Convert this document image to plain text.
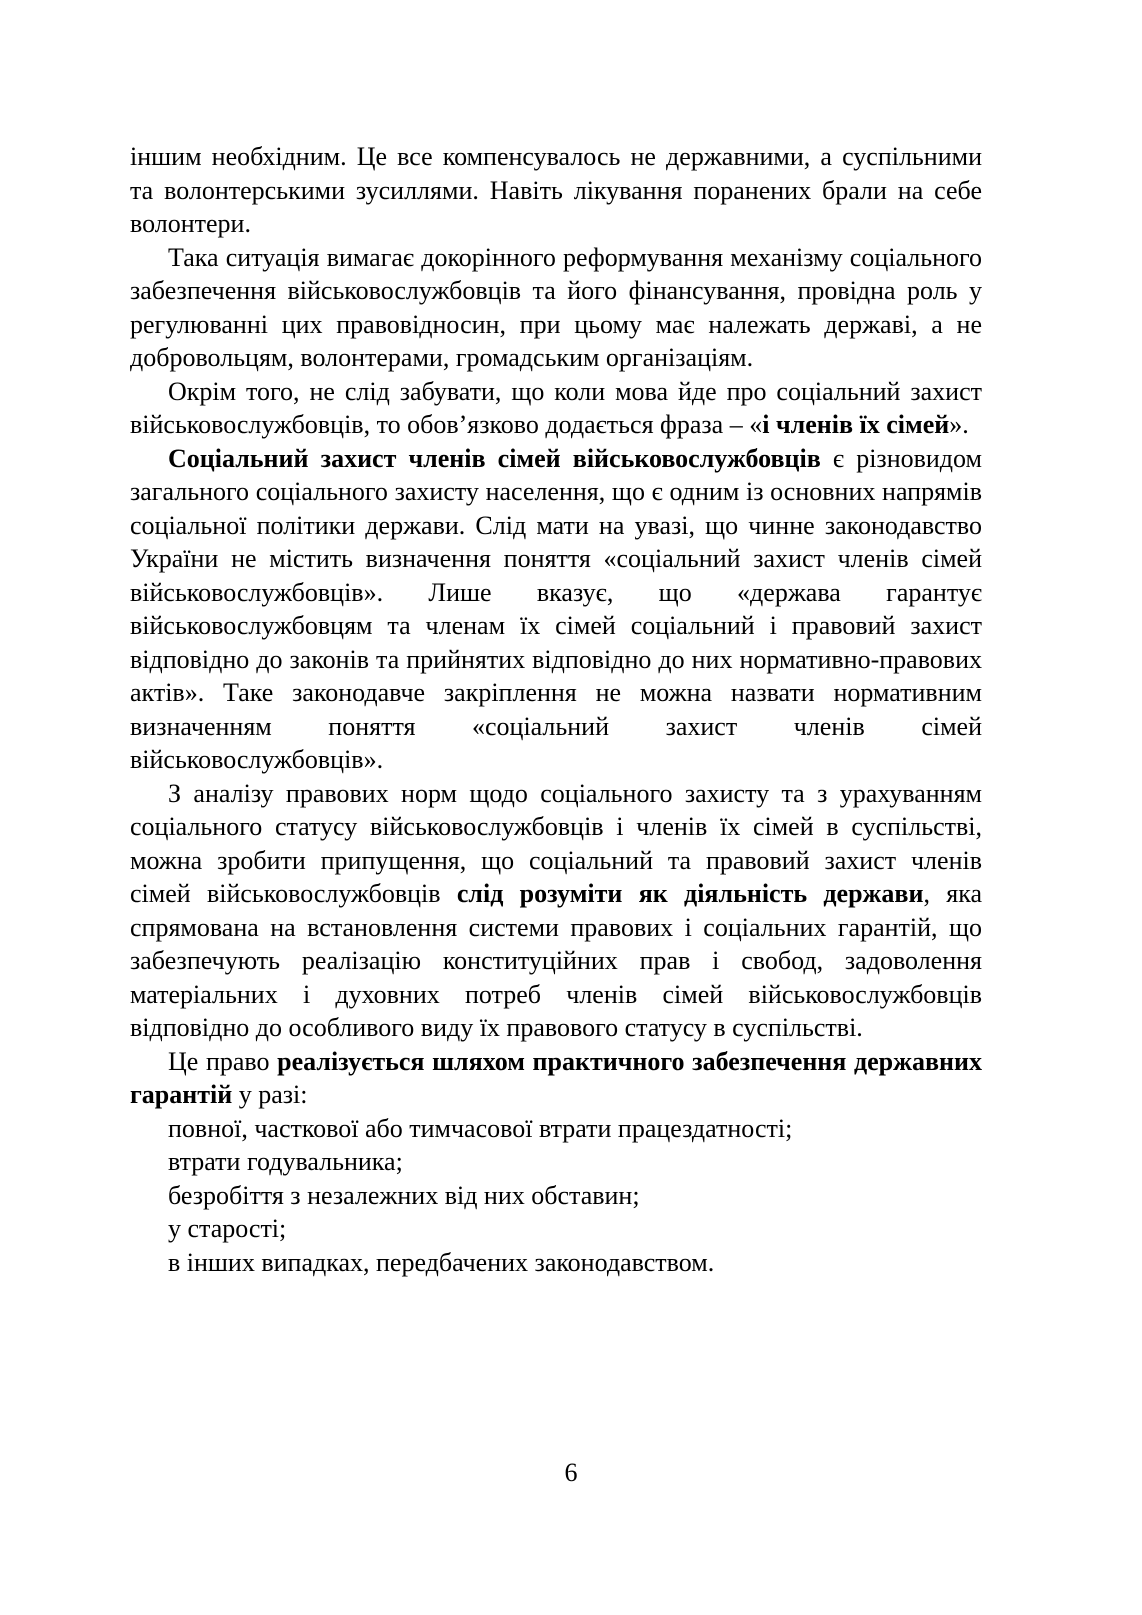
іншим необхідним. Це все компенсувалось не державними, а суспільними та волонтерськими зусиллями. Навіть лікування поранених брали на себе волонтери.

Така ситуація вимагає докорінного реформування механізму соціального забезпечення військовослужбовців та його фінансування, провідна роль у регулюванні цих правовідносин, при цьому має належать державі, а не добровольцям, волонтерами, громадським організаціям.

Окрім того, не слід забувати, що коли мова йде про соціальний захист військовослужбовців, то обов’язково додається фраза – «і членів їх сімей».

Соціальний захист членів сімей військовослужбовців є різновидом загального соціального захисту населення, що є одним із основних напрямів соціальної політики держави. Слід мати на увазі, що чинне законодавство України не містить визначення поняття «соціальний захист членів сімей військовослужбовців». Лише вказує, що «держава гарантує військовослужбовцям та членам їх сімей соціальний і правовий захист відповідно до законів та прийнятих відповідно до них нормативно-правових актів». Таке законодавче закріплення не можна назвати нормативним визначенням поняття «соціальний захист членів сімей військовослужбовців».

З аналізу правових норм щодо соціального захисту та з урахуванням соціального статусу військовослужбовців і членів їх сімей в суспільстві, можна зробити припущення, що соціальний та правовий захист членів сімей військовослужбовців слід розуміти як діяльність держави, яка спрямована на встановлення системи правових і соціальних гарантій, що забезпечують реалізацію конституційних прав і свобод, задоволення матеріальних і духовних потреб членів сімей військовослужбовців відповідно до особливого виду їх правового статусу в суспільстві.

Це право реалізується шляхом практичного забезпечення державних гарантій у разі:

повної, часткової або тимчасової втрати працездатності;

втрати годувальника;

безробіття з незалежних від них обставин;

у старості;

в інших випадках, передбачених законодавством.

6
